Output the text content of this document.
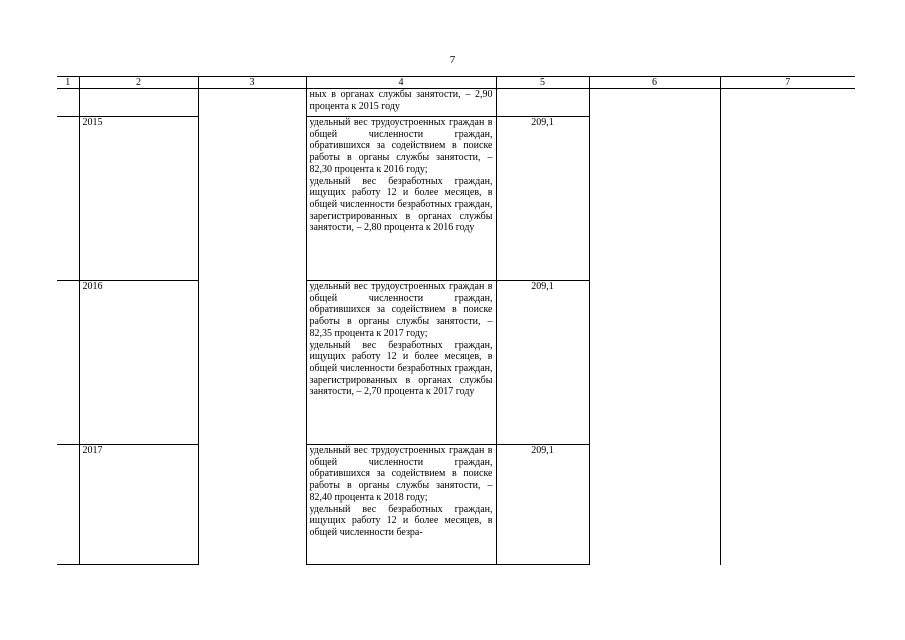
7
1	2	3	4	5	6	7

			ных в органах службы занятости, – 2,90 процента к 2015 году			

	2015		удельный вес трудоустроенных граждан в общей численности граждан, обратившихся за содействием в поиске работы в органы службы занятости, – 82,30 процента к 2016 году;
удельный вес безработных граждан, ищущих работу 12 и более месяцев, в общей численности безработных граждан, зарегистрированных в органах службы занятости, – 2,80 процента к 2016 году	209,1		
	2016		удельный вес трудоустроенных граждан в общей численности граждан, обратившихся за содействием в поиске работы в органы службы занятости, – 82,35 процента к 2017 году;
удельный вес безработных граждан, ищущих работу 12 и более месяцев, в общей численности безработных граждан, зарегистрированных в органах службы занятости, – 2,70 процента к 2017 году	209,1		
	2017		удельный вес трудоустроенных граждан в общей численности граждан, обратившихся за содействием в поиске работы в органы службы занятости, – 82,40 процента к 2018 году;
удельный вес безработных граждан, ищущих работу 12 и более месяцев, в общей численности безра-	209,1		
